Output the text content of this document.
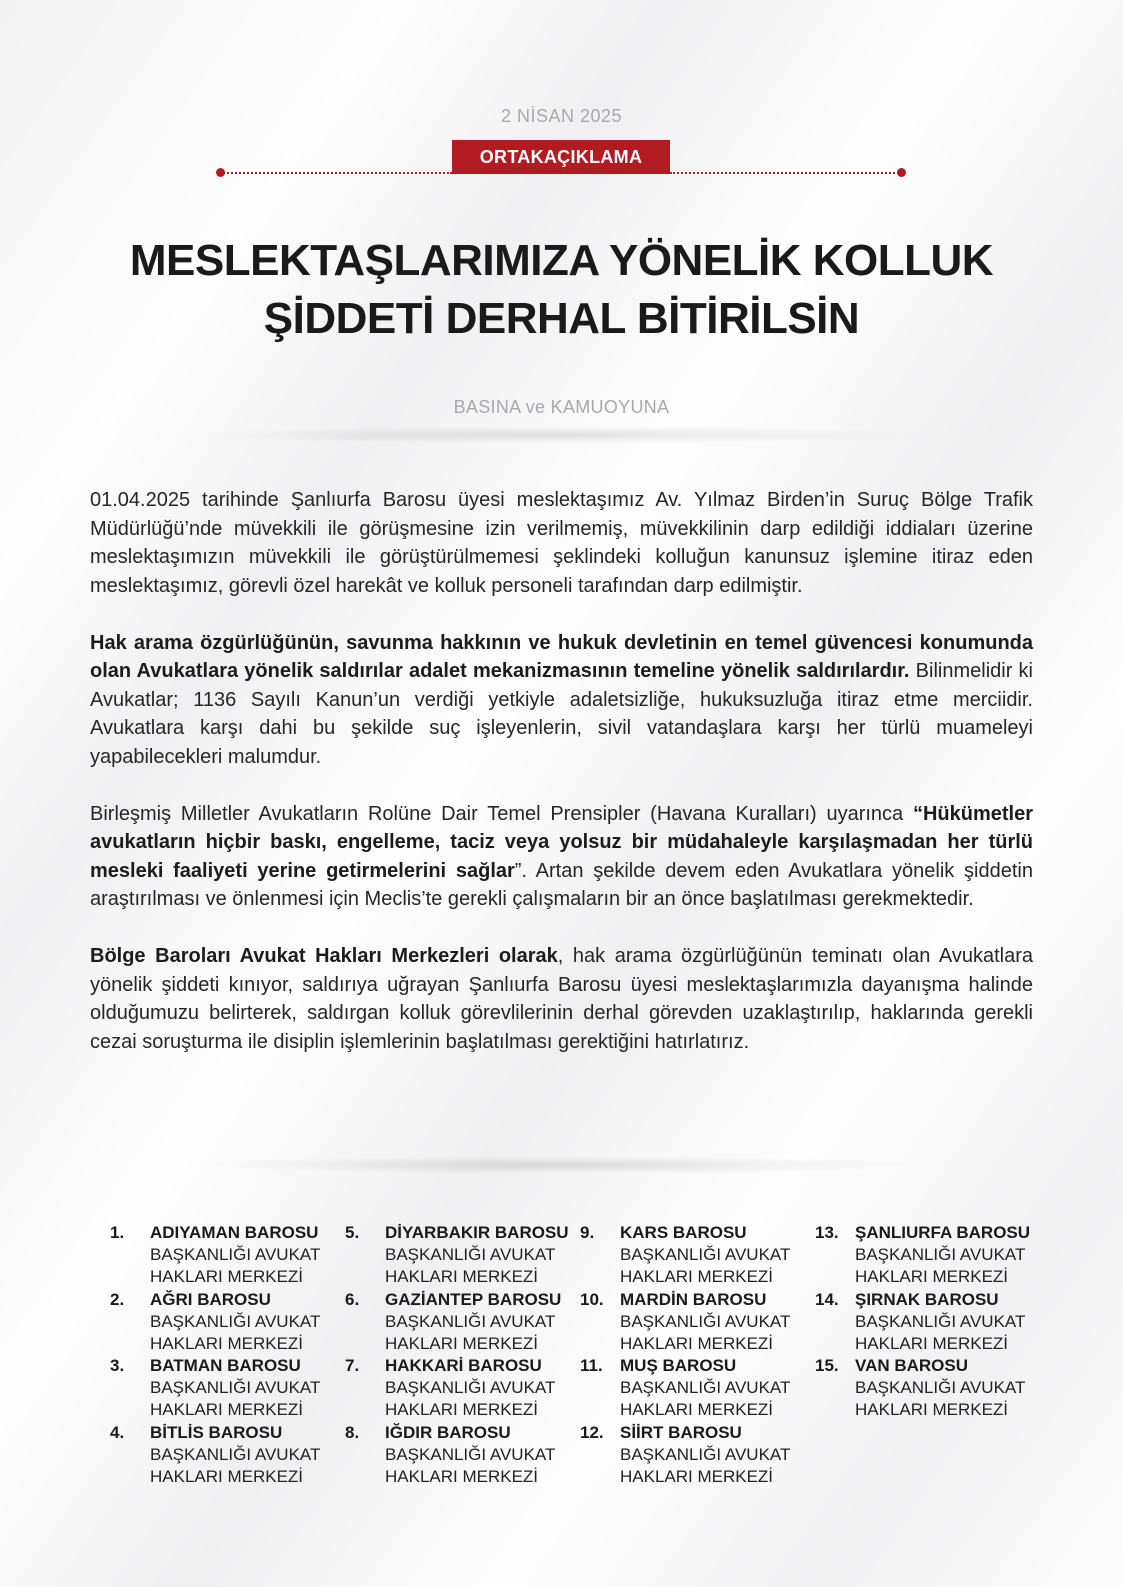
2 NİSAN 2025
ORTAKAÇIKLAMA
MESLEKTAŞLARIMIZA YÖNELİK KOLLUK
ŞİDDETİ DERHAL BİTİRİLSİN
BASINA ve KAMUOYUNA

01.04.2025 tarihinde Şanlıurfa Barosu üyesi meslektaşımız Av. Yılmaz Birden’in Suruç Bölge Trafik Müdürlüğü’nde müvekkili ile görüşmesine izin verilmemiş, müvekkilinin darp edildiği iddiaları üzerine meslektaşımızın müvekkili ile görüştürülmemesi şeklindeki kolluğun kanunsuz işlemine itiraz eden meslektaşımız, görevli özel harekât ve kolluk personeli tarafından darp edilmiştir.

Hak arama özgürlüğünün, savunma hakkının ve hukuk devletinin en temel güvencesi konumunda olan Avukatlara yönelik saldırılar adalet mekanizmasının temeline yönelik saldırılardır. Bilinmelidir ki Avukatlar; 1136 Sayılı Kanun’un verdiği yetkiyle adaletsizliğe, hukuksuzluğa itiraz etme merciidir. Avukatlara karşı dahi bu şekilde suç işleyenlerin, sivil vatandaşlara karşı her türlü muameleyi yapabilecekleri malumdur.

Birleşmiş Milletler Avukatların Rolüne Dair Temel Prensipler (Havana Kuralları) uyarınca “Hükümetler avukatların hiçbir baskı, engelleme, taciz veya yolsuz bir müdahaleyle karşılaşmadan her türlü mesleki faaliyeti yerine getirmelerini sağlar”. Artan şekilde devem eden Avukatlara yönelik şiddetin araştırılması ve önlenmesi için Meclis’te gerekli çalışmaların bir an önce başlatılması gerekmektedir.

Bölge Baroları Avukat Hakları Merkezleri olarak, hak arama özgürlüğünün teminatı olan Avukatlara yönelik şiddeti kınıyor, saldırıya uğrayan Şanlıurfa Barosu üyesi meslektaşlarımızla dayanışma halinde olduğumuzu belirterek, saldırgan kolluk görevlilerinin derhal görevden uzaklaştırılıp, haklarında gerekli cezai soruşturma ile disiplin işlemlerinin başlatılması gerektiğini hatırlatırız.

1.	ADIYAMAN BAROSU
BAŞKANLIĞI AVUKAT
HAKLARI MERKEZİ
2.	AĞRI BAROSU
BAŞKANLIĞI AVUKAT
HAKLARI MERKEZİ
3.	BATMAN BAROSU
BAŞKANLIĞI AVUKAT
HAKLARI MERKEZİ
4.	BİTLİS BAROSU
BAŞKANLIĞI AVUKAT
HAKLARI MERKEZİ
5.	DİYARBAKIR BAROSU
BAŞKANLIĞI AVUKAT
HAKLARI MERKEZİ
6.	GAZİANTEP BAROSU
BAŞKANLIĞI AVUKAT
HAKLARI MERKEZİ
7.	HAKKARİ BAROSU
BAŞKANLIĞI AVUKAT
HAKLARI MERKEZİ
8.	IĞDIR BAROSU
BAŞKANLIĞI AVUKAT
HAKLARI MERKEZİ
9.	KARS BAROSU
BAŞKANLIĞI AVUKAT
HAKLARI MERKEZİ
10. MARDİN BAROSU
BAŞKANLIĞI AVUKAT
HAKLARI MERKEZİ
11.	MUŞ BAROSU
BAŞKANLIĞI AVUKAT
HAKLARI MERKEZİ
12. SİİRT BAROSU
BAŞKANLIĞI AVUKAT
HAKLARI MERKEZİ
13. ŞANLIURFA BAROSU
BAŞKANLIĞI AVUKAT
HAKLARI MERKEZİ
14. ŞIRNAK BAROSU
BAŞKANLIĞI AVUKAT
HAKLARI MERKEZİ
15. VAN BAROSU
BAŞKANLIĞI AVUKAT
HAKLARI MERKEZİ
